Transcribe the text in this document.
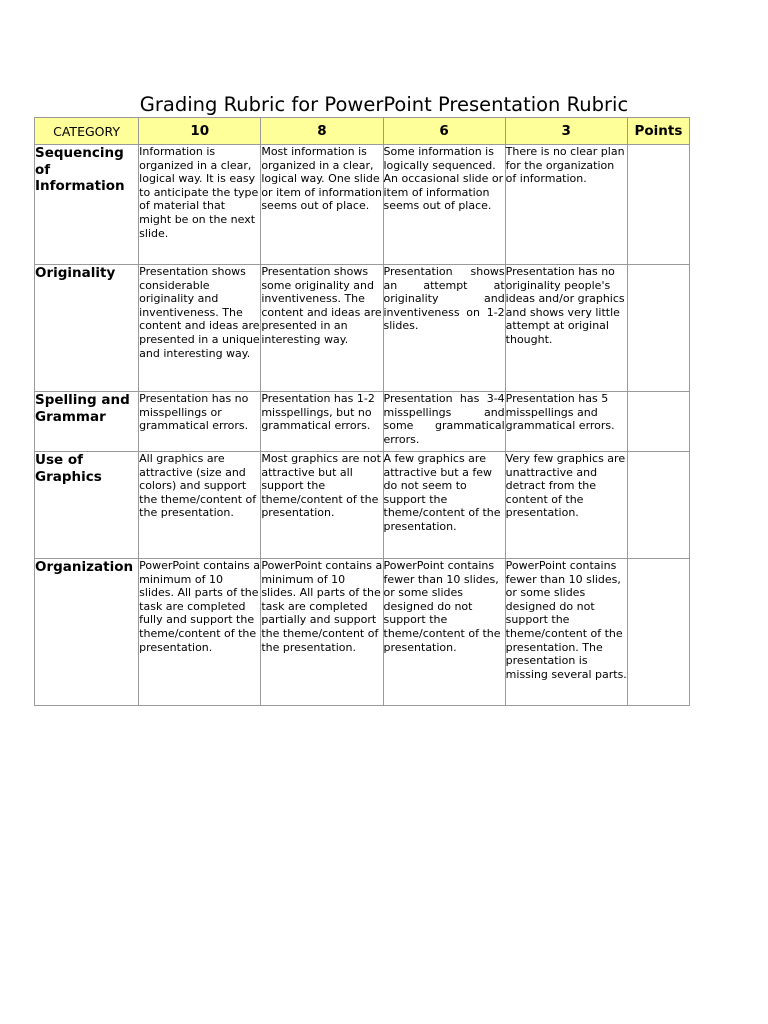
Grading Rubric for PowerPoint Presentation Rubric
CATEGORY	10	8	6	3	Points
Sequencing of Information	Information is organized in a clear, logical way. It is easy to anticipate the type of material that might be on the next slide.	Most information is organized in a clear, logical way. One slide or item of information seems out of place.	Some information is logically sequenced. An occasional slide or item of information seems out of place.	There is no clear plan for the organization of information.	
Originality	Presentation shows considerable originality and inventiveness. The content and ideas are presented in a unique and interesting way.	Presentation shows some originality and inventiveness. The content and ideas are presented in an interesting way.	Presentation shows an attempt at originality and inventiveness on 1-2 slides.	Presentation has no originality people's ideas and/or graphics and shows very little attempt at original thought.	
Spelling and Grammar	Presentation has no misspellings or grammatical errors.	Presentation has 1-2 misspellings, but no grammatical errors.	Presentation has 3-4 misspellings and some grammatical errors.	Presentation has 5 misspellings and grammatical errors.	
Use of Graphics	All graphics are attractive (size and colors) and support the theme/content of the presentation.	Most graphics are not attractive but all support the theme/content of the presentation.	A few graphics are attractive but a few do not seem to support the theme/content of the presentation.	Very few graphics are unattractive and detract from the content of the presentation.	
Organization	PowerPoint contains a minimum of 10 slides. All parts of the task are completed fully and support the theme/content of the presentation.	PowerPoint contains a minimum of 10 slides. All parts of the task are completed partially and support the theme/content of the presentation.	PowerPoint contains fewer than 10 slides, or some slides designed do not support the theme/content of the presentation.	PowerPoint contains fewer than 10 slides, or some slides designed do not support the theme/content of the presentation. The presentation is missing several parts.	
